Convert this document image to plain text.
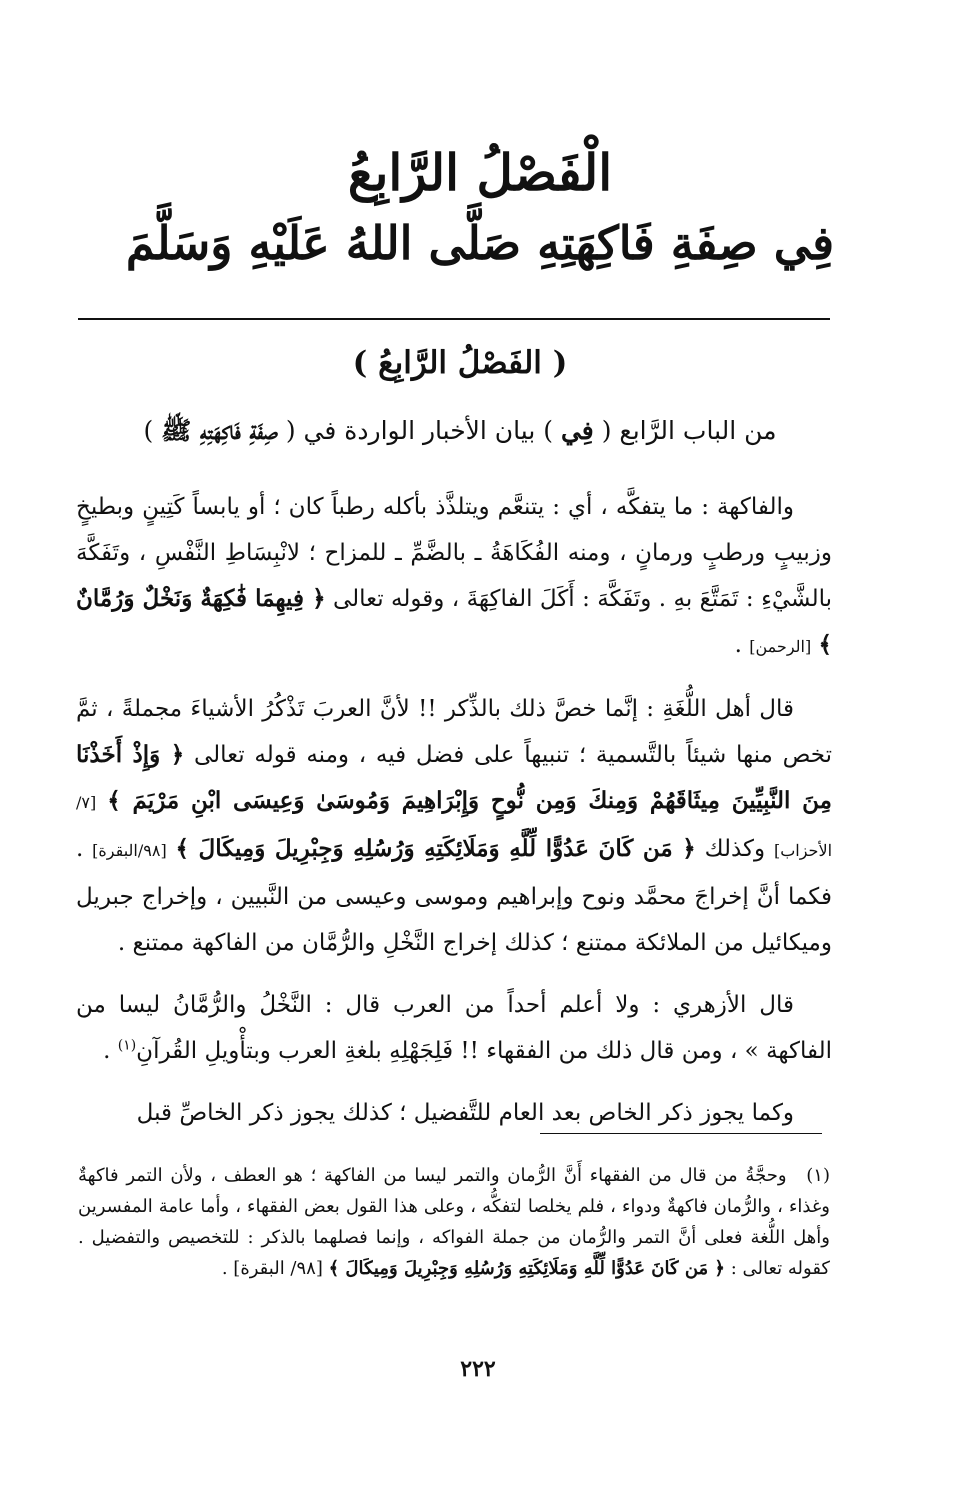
الْفَصْلُ الرَّابِعُ
فِي صِفَةِ فَاكِهَتِهِ صَلَّى اللهُ عَلَيْهِ وَسَلَّمَ
( الفَصْلُ الرَّابِعُ )
من الباب الرَّابع ( فِي ) بيان الأخبار الواردة في ( صِفَةِ فَاكِهَتِهِ ﷺ )

والفاكهة : ما يتفكَّه ، أي : يتنعَّم ويتلذَّذ بأكله رطباً كان ؛ أو يابساً كَتِينٍ وبطيخٍ وزبيبٍ ورطبٍ ورمانٍ ، ومنه الفُكَاهَةُ ـ بالضَّمِّ ـ للمزاح ؛ لانْبِسَاطِ النَّفْسِ ، وتَفَكَّهَ بالشَّيْءِ : تَمَتَّعَ بهِ . وتَفَكَّهَ : أَكَلَ الفاكِهَةَ ، وقوله تعالى ﴿ فِيهِمَا فَٰكِهَةٌ وَنَخْلٌ وَرُمَّانٌ ﴾ [الرحمن] .

قال أهل اللُّغَةِ : إنَّما خصَّ ذلك بالذِّكر !! لأنَّ العربَ تَذْكُرُ الأشياءَ مجملةً ، ثمَّ تخص منها شيئاً بالتَّسمية ؛ تنبيهاً على فضل فيه ، ومنه قوله تعالى ﴿ وَإِذْ أَخَذْنَا مِنَ النَّبِيِّينَ مِيثَاقَهُمْ وَمِنكَ وَمِن نُّوحٍ وَإِبْرَاهِيمَ وَمُوسَىٰ وَعِيسَى ابْنِ مَرْيَمَ ﴾ [٧/ الأحزاب] وكذلك ﴿ مَن كَانَ عَدُوًّا لِّلَّهِ وَمَلَائِكَتِهِ وَرُسُلِهِ وَجِبْرِيلَ وَمِيكَالَ ﴾ [٩٨/البقرة] . فكما أنَّ إخراجَ محمَّد ونوح وإبراهيم وموسى وعيسى من النَّبيين ، وإخراج جبريل وميكائيل من الملائكة ممتنع ؛ كذلك إخراج النَّخْلِ والرُّمَّان من الفاكهة ممتنع .

قال الأزهري : ولا أعلم أحداً من العرب قال : النَّخْلُ والرُّمَّانُ ليسا من الفاكهة » ، ومن قال ذلك من الفقهاء !! فَلِجَهْلِهِ بلغةِ العرب وبتأْويلِ القُرآنِ$^{(١)}$ .

وكما يجوز ذكر الخاص بعد العام للتَّفضيل ؛ كذلك يجوز ذكر الخاصِّ قبل

(١) وحجَّةُ من قال من الفقهاء أَنَّ الرُّمان والتمر ليسا من الفاكهة ؛ هو العطف ، ولأن التمر فاكهةٌ وغذاء ، والرُّمان فاكهةٌ ودواء ، فلم يخلصا لتفكُّه ، وعلى هذا القول بعض الفقهاء ، وأما عامة المفسرين وأهل اللُّغة فعلى أنَّ التمر والرُّمان من جملة الفواكه ، وإنما فصلهما بالذكر : للتخصيص والتفضيل . كقوله تعالى : ﴿ مَن كَانَ عَدُوًّا لِّلَّهِ وَمَلَائِكَتِهِ وَرُسُلِهِ وَجِبْرِيلَ وَمِيكَالَ ﴾ [٩٨/ البقرة] .

٢٢٢
